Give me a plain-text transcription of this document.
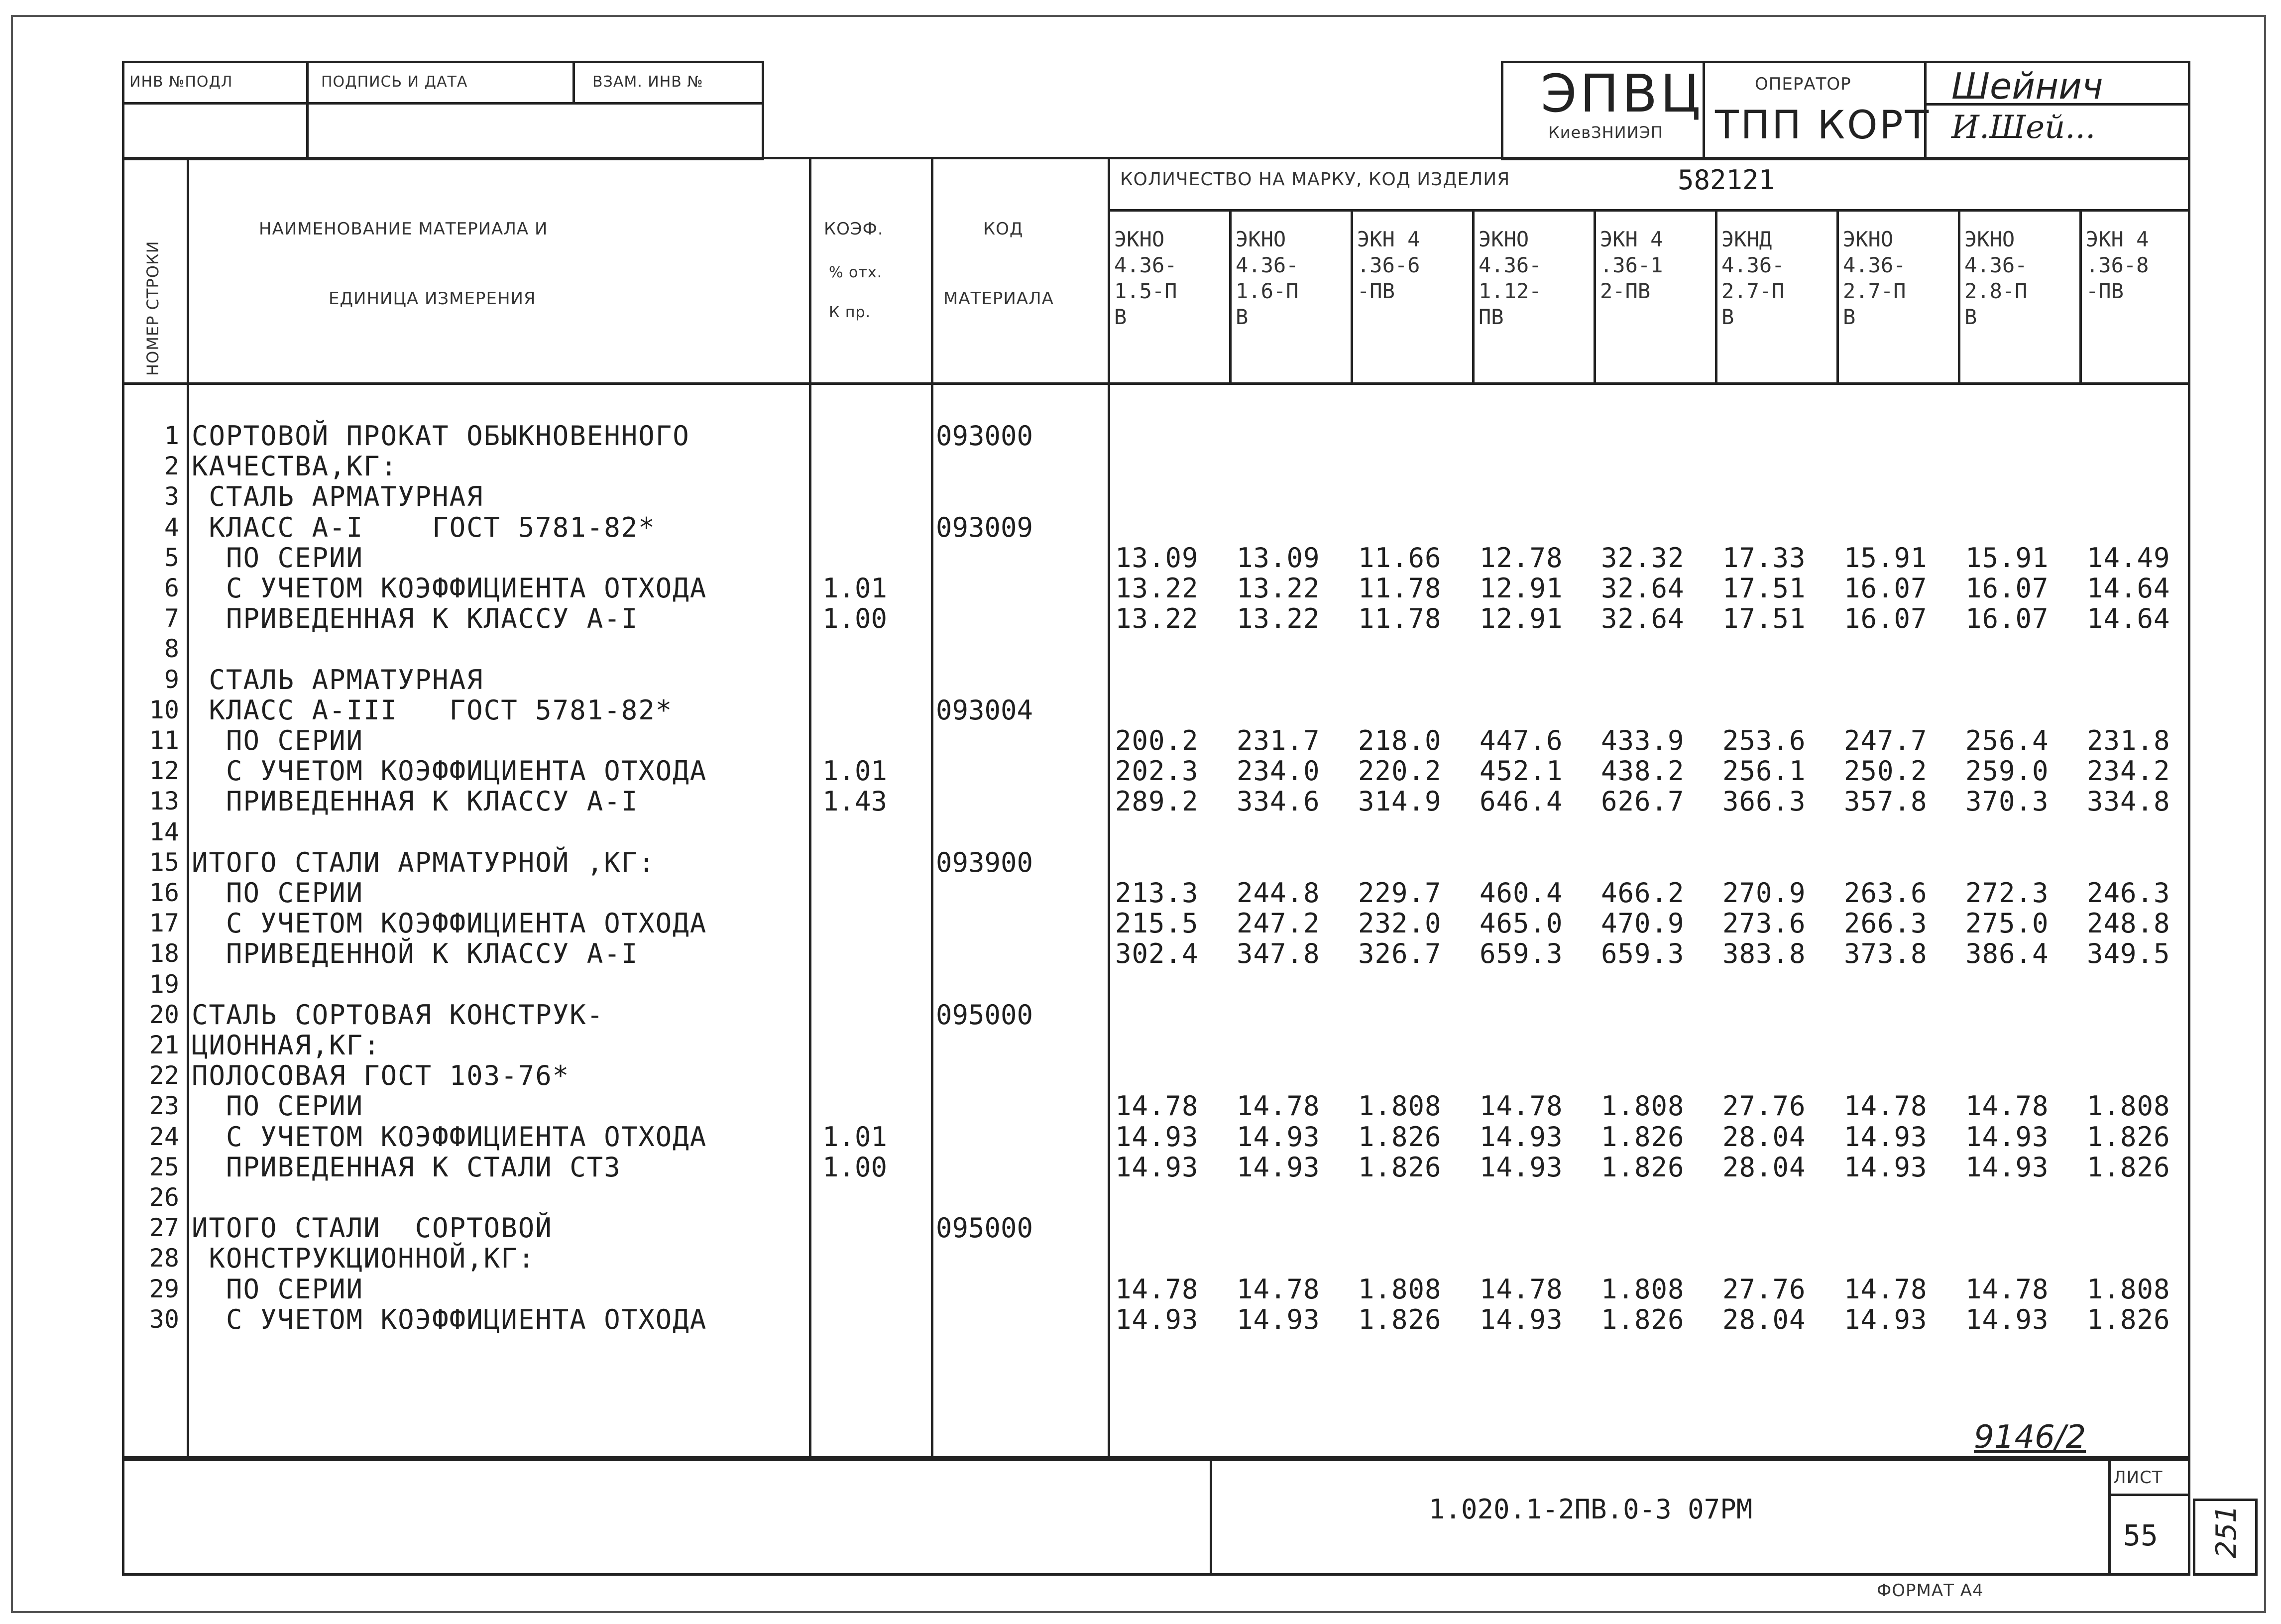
ИНВ №ПОДЛ	ПОДПИСЬ И ДАТА	ВЗАМ. ИНВ №	ЭПВЦ
КиевЗНИИЭП
ОПЕРАТОР
ТПП КОРТ
Шейнич
И.Шей...
НОМЕР СТРОКИ
НАИМЕНОВАНИЕ МАТЕРИАЛА И
ЕДИНИЦА ИЗМЕРЕНИЯ
КОЭФ.
% отх.
К пр.
КОД
МАТЕРИАЛА
КОЛИЧЕСТВО НА МАРКУ, КОД ИЗДЕЛИЯ	582121
ЭКНО
4.36-
1.5-П
В
ЭКНО
4.36-
1.6-П
В
ЭКН 4
.36-6
-ПВ
ЭКНО
4.36-
1.12-
ПВ
ЭКН 4
.36-1
2-ПВ
ЭКНД
4.36-
2.7-П
В
ЭКНО
4.36-
2.7-П
В
ЭКНО
4.36-
2.8-П
В
ЭКН 4
.36-8
-ПВ
1 СОРТОВОЙ ПРОКАТ ОБЫКНОВЕННОГО	093000
2 КАЧЕСТВА,КГ:
3 СТАЛЬ АРМАТУРНАЯ
4 КЛАСС А-I    ГОСТ 5781-82*	093009
5 ПО СЕРИИ	13.09 13.09 11.66 12.78 32.32 17.33 15.91 15.91 14.49
6 С УЧЕТОМ КОЭФФИЦИЕНТА ОТХОДА	1.01	13.22 13.22 11.78 12.91 32.64 17.51 16.07 16.07 14.64
7 ПРИВЕДЕННАЯ К КЛАССУ А-I	1.00	13.22 13.22 11.78 12.91 32.64 17.51 16.07 16.07 14.64
8
9 СТАЛЬ АРМАТУРНАЯ
10 КЛАСС А-III   ГОСТ 5781-82*	093004
11 ПО СЕРИИ	200.2 231.7 218.0 447.6 433.9 253.6 247.7 256.4 231.8
12 С УЧЕТОМ КОЭФФИЦИЕНТА ОТХОДА	1.01	202.3 234.0 220.2 452.1 438.2 256.1 250.2 259.0 234.2
13 ПРИВЕДЕННАЯ К КЛАССУ А-I	1.43	289.2 334.6 314.9 646.4 626.7 366.3 357.8 370.3 334.8
14
15 ИТОГО СТАЛИ АРМАТУРНОЙ ,КГ:	093900
16 ПО СЕРИИ	213.3 244.8 229.7 460.4 466.2 270.9 263.6 272.3 246.3
17 С УЧЕТОМ КОЭФФИЦИЕНТА ОТХОДА	215.5 247.2 232.0 465.0 470.9 273.6 266.3 275.0 248.8
18 ПРИВЕДЕННОЙ К КЛАССУ А-I	302.4 347.8 326.7 659.3 659.3 383.8 373.8 386.4 349.5
19
20 СТАЛЬ СОРТОВАЯ КОНСТРУК-	095000
21 ЦИОННАЯ,КГ:
22 ПОЛОСОВАЯ ГОСТ 103-76*
23 ПО СЕРИИ	14.78 14.78 1.808 14.78 1.808 27.76 14.78 14.78 1.808
24 С УЧЕТОМ КОЭФФИЦИЕНТА ОТХОДА	1.01	14.93 14.93 1.826 14.93 1.826 28.04 14.93 14.93 1.826
25 ПРИВЕДЕННАЯ К СТАЛИ СТ3	1.00	14.93 14.93 1.826 14.93 1.826 28.04 14.93 14.93 1.826
26
27 ИТОГО СТАЛИ  СОРТОВОЙ	095000
28 КОНСТРУКЦИОННОЙ,КГ:
29 ПО СЕРИИ	14.78 14.78 1.808 14.78 1.808 27.76 14.78 14.78 1.808
30 С УЧЕТОМ КОЭФФИЦИЕНТА ОТХОДА	14.93 14.93 1.826 14.93 1.826 28.04 14.93 14.93 1.826
9146/2
1.020.1-2ПВ.0-3 07РМ
ЛИСТ
55 251
ФОРМАТ А4
